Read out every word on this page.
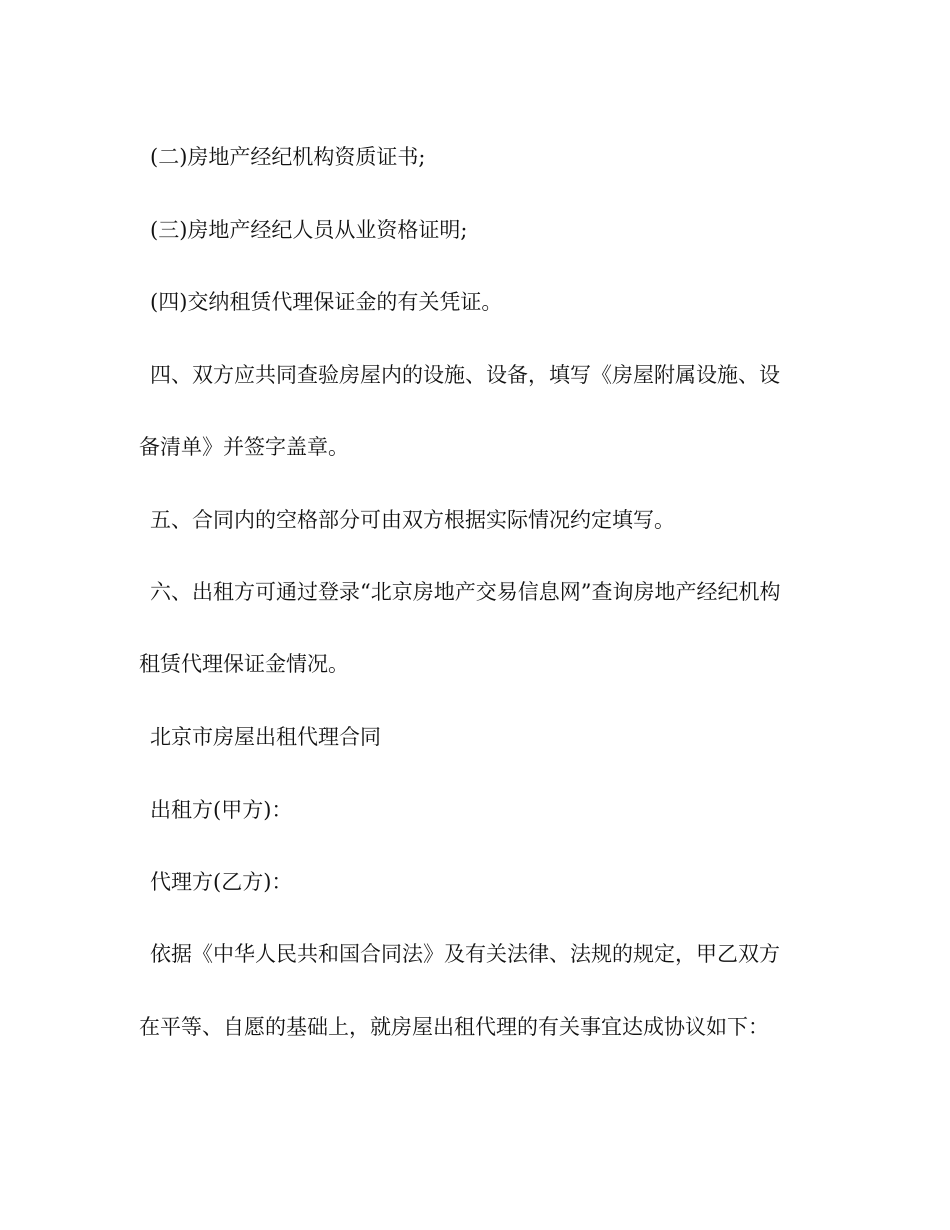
(二)房地产经纪机构资质证书;
(三)房地产经纪人员从业资格证明;
(四)交纳租赁代理保证金的有关凭证。
四、双方应共同查验房屋内的设施、设备，填写《房屋附属设施、设
备清单》并签字盖章。
五、合同内的空格部分可由双方根据实际情况约定填写。
六、出租方可通过登录“北京房地产交易信息网”查询房地产经纪机构
租赁代理保证金情况。
北京市房屋出租代理合同
出租方(甲方)：
代理方(乙方)：
依据《中华人民共和国合同法》及有关法律、法规的规定，甲乙双方
在平等、自愿的基础上，就房屋出租代理的有关事宜达成协议如下：
